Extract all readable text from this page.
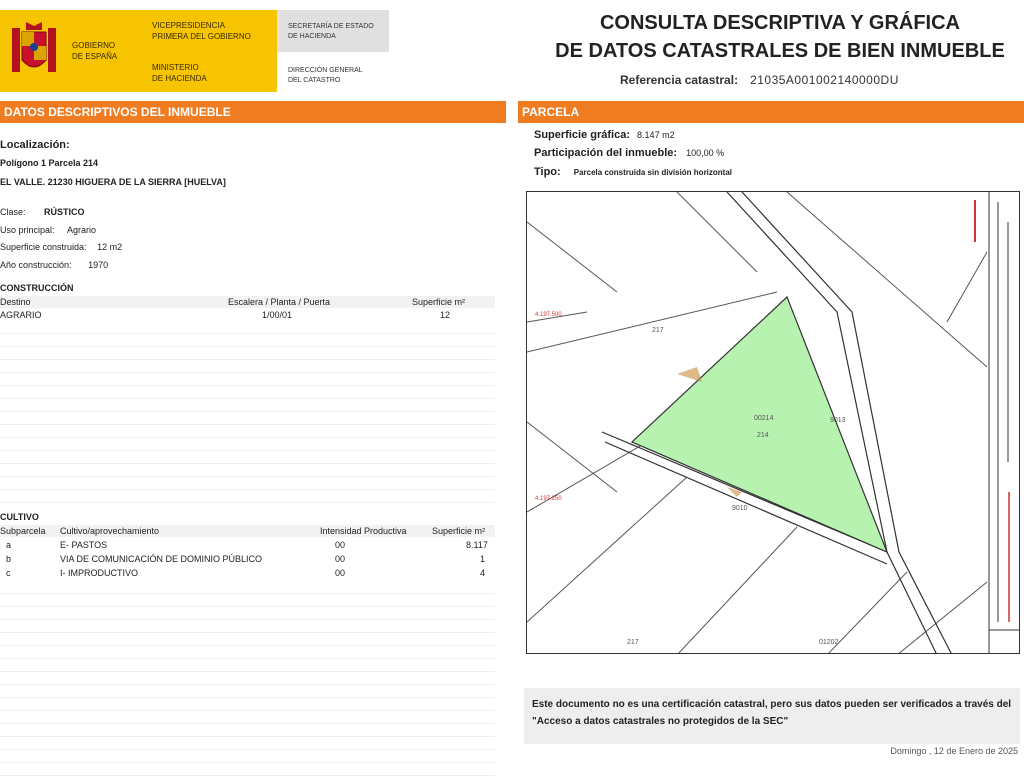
GOBIERNO
DE ESPAÑA
VICEPRESIDENCIA
PRIMERA DEL GOBIERNO
MINISTERIO
DE HACIENDA
SECRETARÍA DE ESTADO
DE HACIENDA
DIRECCIÓN GENERAL
DEL CATASTRO
CONSULTA DESCRIPTIVA Y GRÁFICA
DE DATOS CATASTRALES DE BIEN INMUEBLE
Referencia catastral: 21035A001002140000DU
DATOS DESCRIPTIVOS DEL INMUEBLE
Localización:
Polígono 1 Parcela 214
EL VALLE. 21230 HIGUERA DE LA SIERRA [HUELVA]
Clase: RÚSTICO
Uso principal: Agrario
Superficie construida: 12 m2
Año construcción: 1970
CONSTRUCCIÓN
Destino	Escalera / Planta / Puerta	Superficie m²
AGRARIO	1/00/01	12
CULTIVO
Subparcela Cultivo/aprovechamiento	Intensidad Productiva	Superficie m²
a	E- PASTOS	00	8.117
b	VIA DE COMUNICACIÓN DE DOMINIO PÚBLICO	00	1
c	I- IMPRODUCTIVO	00	4
PARCELA
Superficie gráfica: 8.147 m2
Participación del inmueble: 100,00 %
Tipo: Parcela construida sin división horizontal
217
00214
214
9013
9010
217	01202
4.197.500
4.197.250
Este documento no es una certificación catastral, pero sus datos pueden ser verificados a través del "Acceso a datos catastrales no protegidos de la SEC"
Domingo , 12 de Enero de 2025
